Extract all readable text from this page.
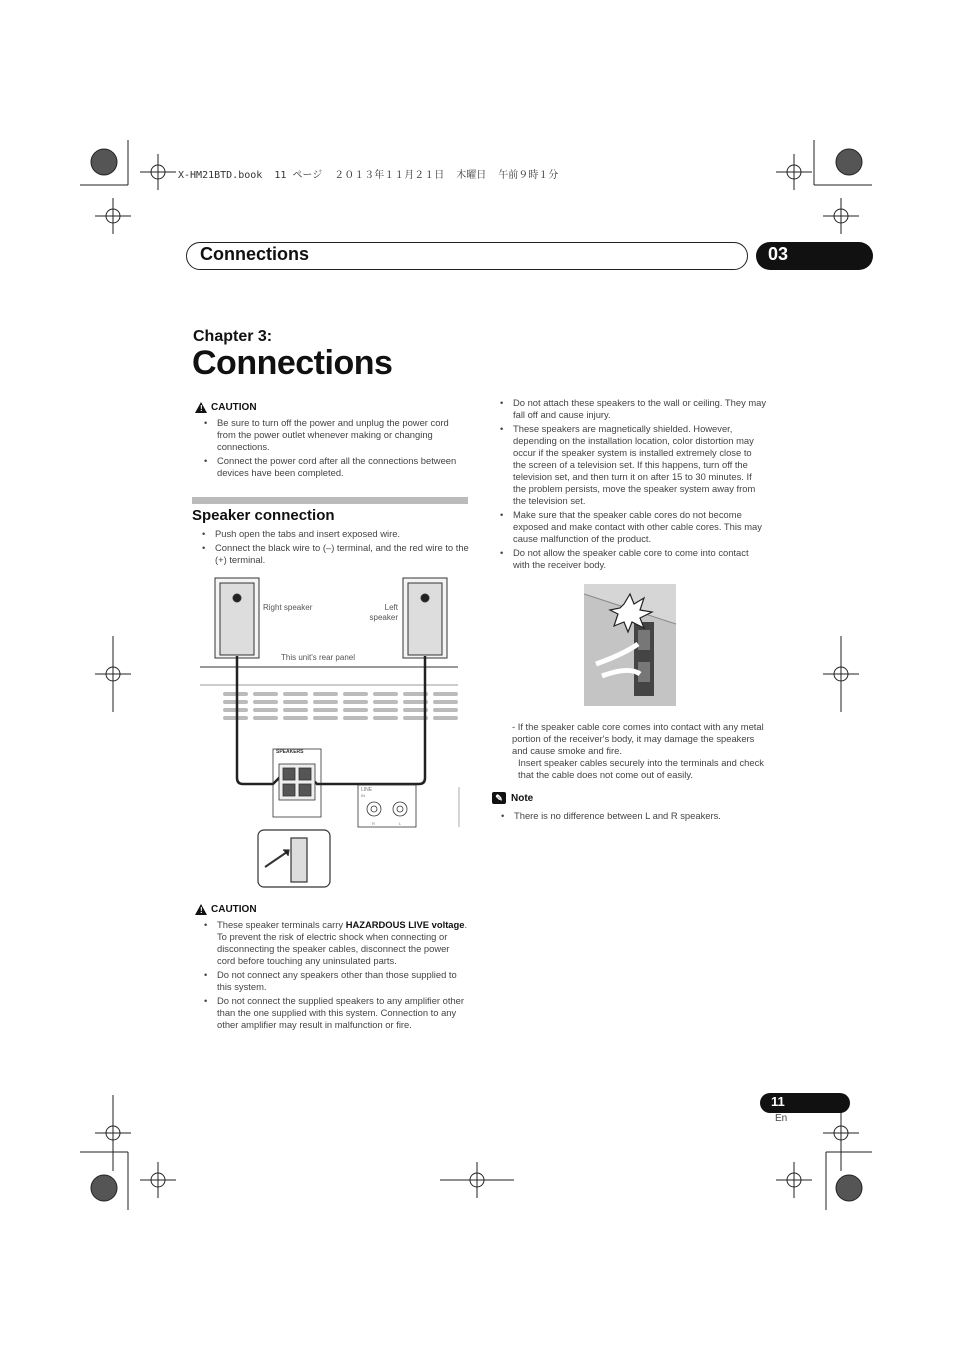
X-HM21BTD.book  11 ページ  ２０１３年１１月２１日  木曜日  午前９時１分
Connections	03
Chapter 3:
Connections
! CAUTION
• Be sure to turn off the power and unplug the power cord from the power outlet whenever making or changing connections.
• Connect the power cord after all the connections between devices have been completed.
Speaker connection
• Push open the tabs and insert exposed wire.
• Connect the black wire to (–) terminal, and the red wire to the (+) terminal.
Right speaker	Left speaker
This unit's rear panel
SPEAKERS
LINE
IN
R	L
! CAUTION
• These speaker terminals carry HAZARDOUS LIVE voltage. To prevent the risk of electric shock when connecting or disconnecting the speaker cables, disconnect the power cord before touching any uninsulated parts.
• Do not connect any speakers other than those supplied to this system.
• Do not connect the supplied speakers to any amplifier other than the one supplied with this system. Connection to any other amplifier may result in malfunction or fire.
• Do not attach these speakers to the wall or ceiling. They may fall off and cause injury.
• These speakers are magnetically shielded. However, depending on the installation location, color distortion may occur if the speaker system is installed extremely close to the screen of a television set. If this happens, turn off the television set, and then turn it on after 15 to 30 minutes. If the problem persists, move the speaker system away from the television set.
• Make sure that the speaker cable cores do not become exposed and make contact with other cable cores. This may cause malfunction of the product.
• Do not allow the speaker cable core to come into contact with the receiver body.
- If the speaker cable core comes into contact with any metal portion of the receiver's body, it may damage the speakers and cause smoke and fire.
Insert speaker cables securely into the terminals and check that the cable does not come out of easily.
✎ Note
• There is no difference between L and R speakers.
11
En
